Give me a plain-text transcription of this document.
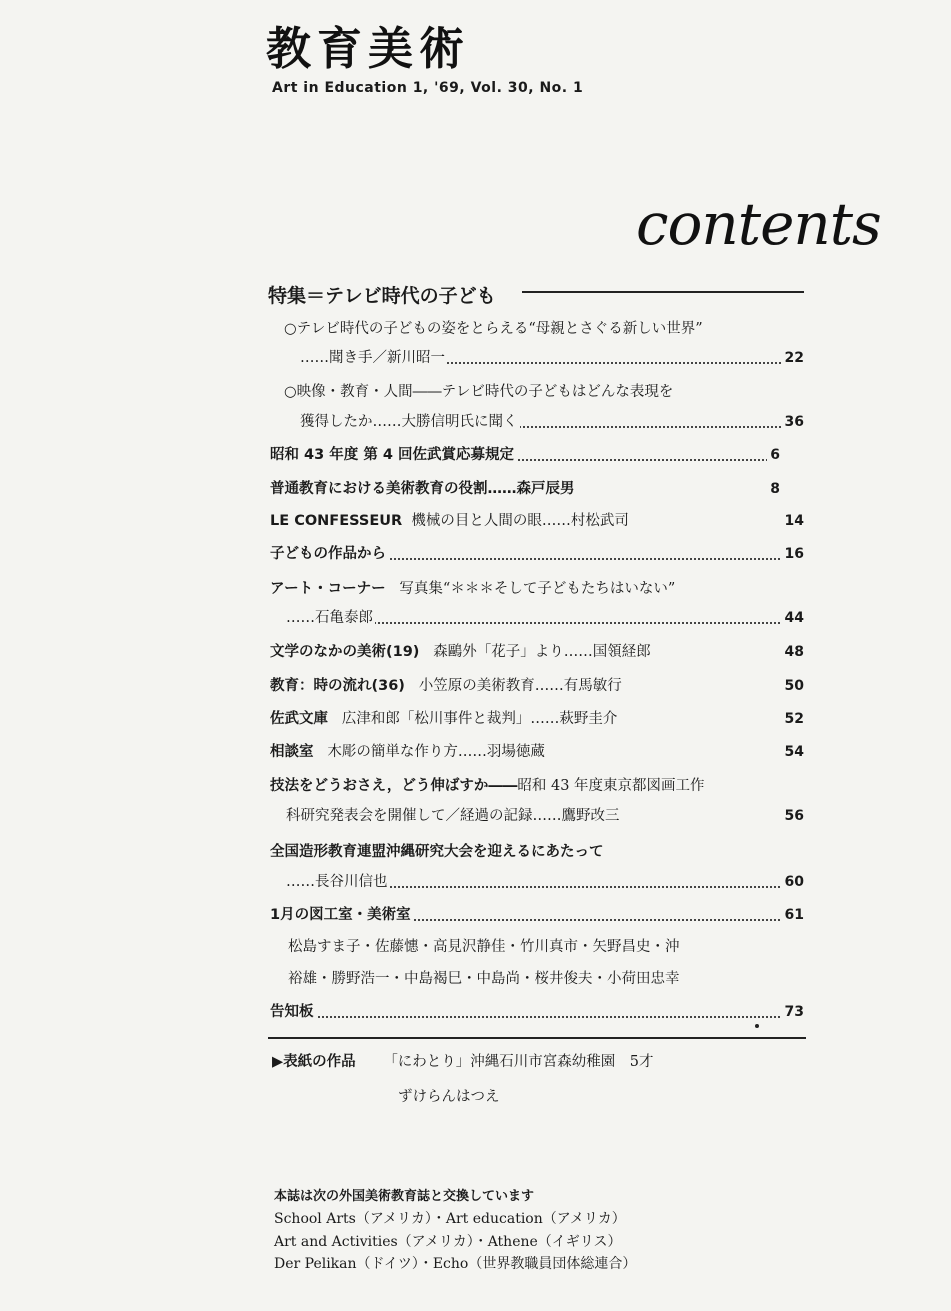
教育美術
Art in Education 1, '69, Vol. 30, No. 1
contents
特集＝テレビ時代の子ども
○テレビ時代の子どもの姿をとらえる“母親とさぐる新しい世界”
……聞き手／新川昭一	22
○映像・教育・人間――テレビ時代の子どもはどんな表現を
獲得したか……大勝信明氏に聞く	36
昭和 43 年度 第 4 回佐武賞応募規定	6
普通教育における美術教育の役割……森戸辰男	8
LE CONFESSEUR 機械の目と人間の眼……村松武司	14
子どもの作品から	16
アート・コーナー 写真集“＊＊＊そして子どもたちはいない”
……石亀泰郎	44
文学のなかの美術(19) 森鷗外「花子」より……国領経郎	48
教育：時の流れ(36) 小笠原の美術教育……有馬敏行	50
佐武文庫 広津和郎「松川事件と裁判」……萩野圭介	52
相談室 木彫の簡単な作り方……羽場徳蔵	54
技法をどうおさえ，どう伸ばすか――昭和 43 年度東京都図画工作
科研究発表会を開催して／経過の記録……鷹野改三	56
全国造形教育連盟沖縄研究大会を迎えるにあたって
……長谷川信也	60
1月の図工室・美術室	61
松島すま子・佐藤憓・高見沢静佳・竹川真市・矢野昌史・沖
裕雄・勝野浩一・中島褐巳・中島尚・桜井俊夫・小荷田忠幸
告知板	73
▶表紙の作品 「にわとり」沖縄石川市宮森幼稚園　5才
ずけらんはつえ
本誌は次の外国美術教育誌と交換しています
School Arts（アメリカ）・Art education（アメリカ）
Art and Activities（アメリカ）・Athene（イギリス）
Der Pelikan（ドイツ）・Echo（世界教職員団体総連合）
